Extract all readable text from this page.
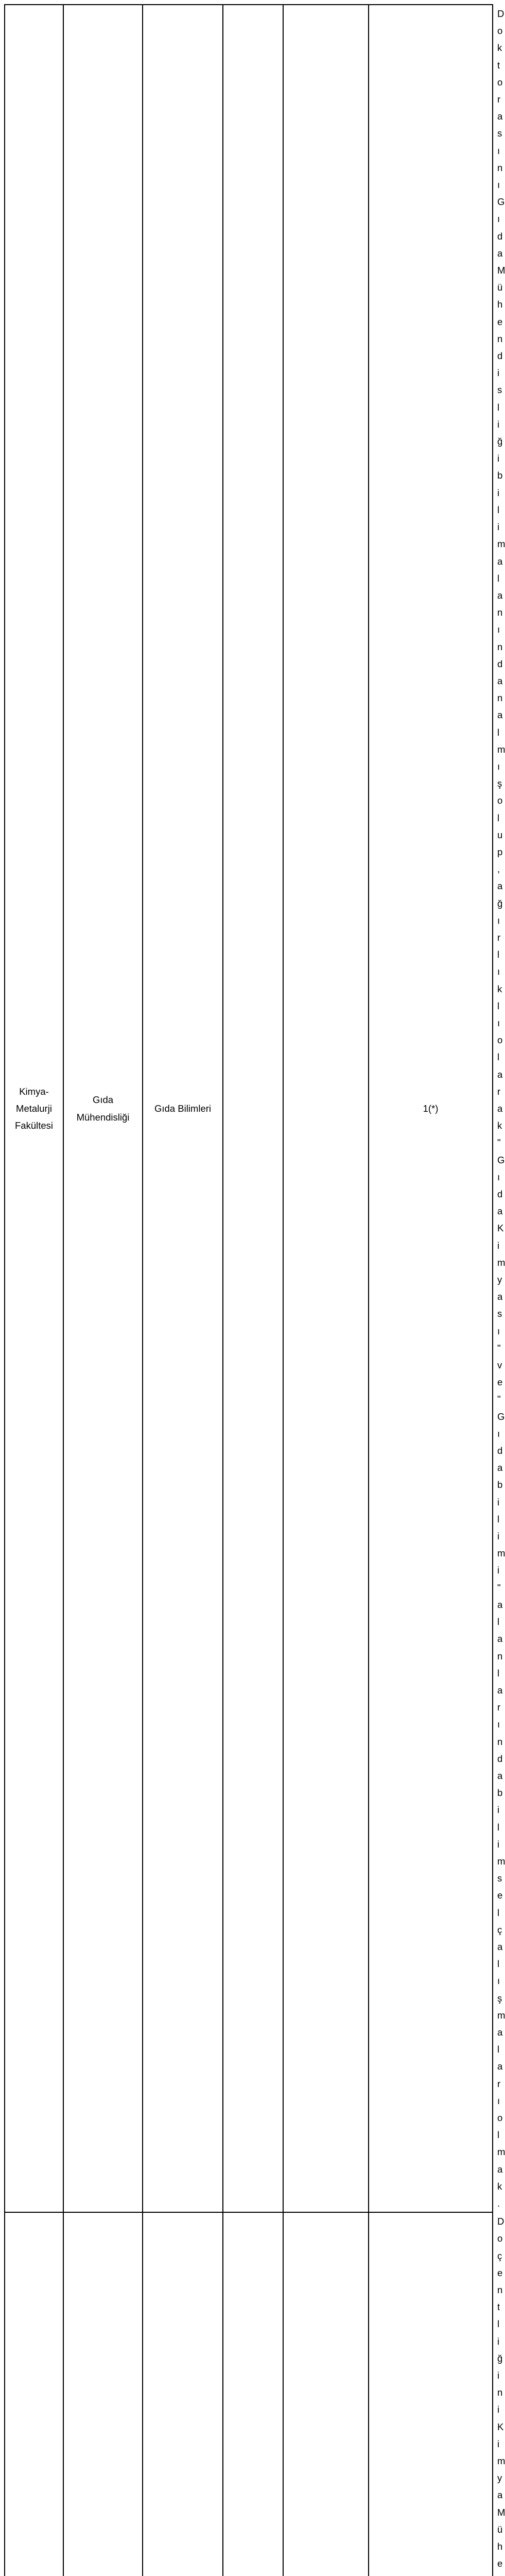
Kimya-Metalurji Fakültesi	Gıda Mühendisliği	Gıda Bilimleri			1(*)	Doktorasını Gıda Mühendisliği bilim alanından almış olup, ağırlıklı olarak "Gıda Kimyası" ve "Gıda bilimi" alanlarında bilimsel çalışmaları olmak.
						Doçentliğini Kimya Mühe
